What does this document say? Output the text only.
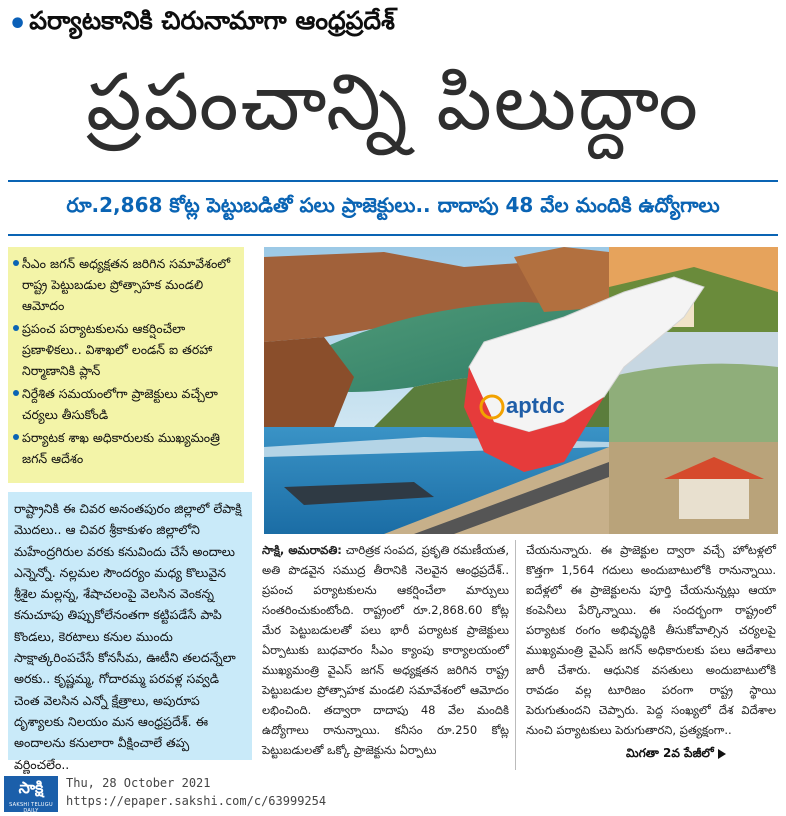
• పర్యాటకానికి చిరునామాగా ఆంధ్రప్రదేశ్
ప్రపంచాన్ని పిలుద్దాం
రూ.2,868 కోట్ల పెట్టుబడితో పలు ప్రాజెక్టులు.. దాదాపు 48 వేల మందికి ఉద్యోగాలు
సీఎం జగన్ అధ్యక్షతన జరిగిన సమావేశంలో రాష్ట్ర పెట్టుబడుల ప్రోత్సాహక మండలి ఆమోదం
ప్రపంచ పర్యాటకులను ఆకర్షించేలా ప్రణాళికలు.. విశాఖలో లండన్ ఐ తరహా నిర్మాణానికి ప్లాన్
నిర్దేశిత సమయంలోగా ప్రాజెక్టులు వచ్చేలా చర్యలు తీసుకోండి
పర్యాటక శాఖ అధికారులకు ముఖ్యమంత్రి జగన్ ఆదేశం
aptdc
రాష్ట్రానికి ఈ చివర అనంతపురం జిల్లాలో లేపాక్షి మొదలు.. ఆ చివర శ్రీకాకుళం జిల్లాలోని మహేంద్రగిరుల వరకు కనువిందు చేసే అందాలు ఎన్నెన్నో. నల్లమల సౌందర్యం మధ్య కొలువైన శ్రీశైల మల్లన్న, శేషాచలంపై వెలసిన వెంకన్న కనుచూపు తిప్పుకోలేనంతగా కట్టిపడేసే పాపి కొండలు, కెరటాలు కనుల ముందు సాక్షాత్కరింపచేసే కోనసీమ, ఊటీని తలదన్నేలా అరకు.. కృష్ణమ్మ, గోదారమ్మ పరవళ్ల సవ్వడి చెంత వెలసిన ఎన్నో క్షేత్రాలు, అపురూప దృశ్యాలకు నిలయం మన ఆంధ్రప్రదేశ్. ఈ అందాలను కనులారా వీక్షించాలే తప్ప వర్ణించలేం..
సాక్షి, అమరావతి: చారిత్రక సంపద, ప్రకృతి రమణీయత, అతి పొడవైన సముద్ర తీరానికి నెలవైన ఆంధ్రప్రదేశ్.. ప్రపంచ పర్యాటకులను ఆకర్షించేలా మార్పులు సంతరించుకుంటోంది. రాష్ట్రంలో రూ.2,868.60 కోట్ల మేర పెట్టుబడులతో పలు భారీ పర్యాటక ప్రాజెక్టులు ఏర్పాటుకు బుధవారం సీఎం క్యాంపు కార్యాలయంలో ముఖ్యమంత్రి వైఎస్ జగన్ అధ్యక్షతన జరిగిన రాష్ట్ర పెట్టుబడుల ప్రోత్సాహక మండలి సమావేశంలో ఆమోదం లభించింది. తద్వారా దాదాపు 48 వేల మందికి ఉద్యోగాలు రానున్నాయి. కనీసం రూ.250 కోట్ల పెట్టుబడులతో ఒక్కో ప్రాజెక్టును ఏర్పాటు
చేయనున్నారు. ఈ ప్రాజెక్టుల ద్వారా వచ్చే హోటళ్లలో కొత్తగా 1,564 గదులు అందుబాటులోకి రానున్నాయి. ఐదేళ్లలో ఈ ప్రాజెక్టులను పూర్తి చేయనున్నట్లు ఆయా కంపెనీలు పేర్కొన్నాయి. ఈ సందర్భంగా రాష్ట్రంలో పర్యాటక రంగం అభివృద్ధికి తీసుకోవాల్సిన చర్యలపై ముఖ్యమంత్రి వైఎస్ జగన్ అధికారులకు పలు ఆదేశాలు జారీ చేశారు. ఆధునిక వసతులు అందుబాటులోకి రావడం వల్ల టూరిజం పరంగా రాష్ట్ర స్థాయి పెరుగుతుందని చెప్పారు. పెద్ద సంఖ్యలో దేశ విదేశాల నుంచి పర్యాటకులు పెరుగుతారని, ప్రత్యక్షంగా..
మిగతా 2వ పేజీలో
సాక్షి
SAKSHI TELUGU DAILY
Thu, 28 October 2021
https://epaper.sakshi.com/c/63999254
